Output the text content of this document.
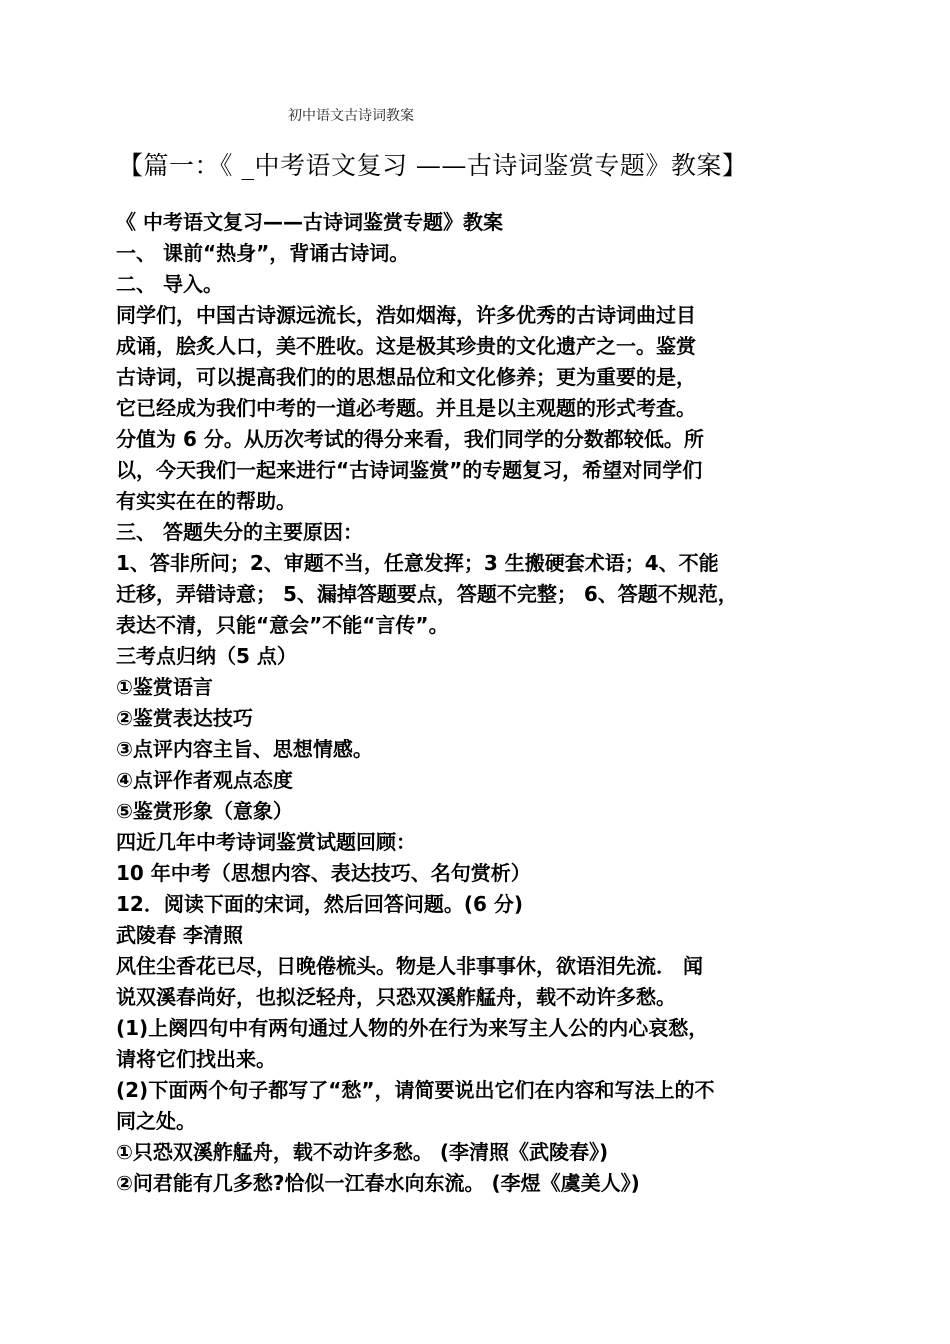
初中语文古诗词教案
【篇一：《 _中考语文复习 ——古诗词鉴赏专题》教案】
《 中考语文复习——古诗词鉴赏专题》教案
一、 课前“热身”，背诵古诗词。
二、 导入。
同学们，中国古诗源远流长，浩如烟海，许多优秀的古诗词曲过目
成诵，脍炙人口，美不胜收。这是极其珍贵的文化遗产之一。鉴赏
古诗词，可以提高我们的的思想品位和文化修养；更为重要的是，
它已经成为我们中考的一道必考题。并且是以主观题的形式考查。
分值为 6 分。从历次考试的得分来看，我们同学的分数都较低。所
以，今天我们一起来进行“古诗词鉴赏”的专题复习，希望对同学们
有实实在在的帮助。
三、 答题失分的主要原因：
1、答非所问；2、审题不当，任意发挥；3 生搬硬套术语；4、不能
迁移，弄错诗意； 5、漏掉答题要点，答题不完整； 6、答题不规范，
表达不清，只能“意会”不能“言传”。
三考点归纳（5 点）
①鉴赏语言
②鉴赏表达技巧
③点评内容主旨、思想情感。
④点评作者观点态度
⑤鉴赏形象（意象）
四近几年中考诗词鉴赏试题回顾：
10 年中考（思想内容、表达技巧、名句赏析）
12．阅读下面的宋词，然后回答问题。(6 分)
武陵春 李清照
风住尘香花已尽，日晚倦梳头。物是人非事事休，欲语泪先流． 闻
说双溪春尚好，也拟泛轻舟，只恐双溪舴艋舟，载不动许多愁。
(1)上阕四句中有两句通过人物的外在行为来写主人公的内心哀愁，
请将它们找出来。
(2)下面两个句子都写了“愁”，请简要说出它们在内容和写法上的不
同之处。
①只恐双溪舴艋舟，载不动许多愁。 (李清照《武陵春》)
②问君能有几多愁?恰似一江春水向东流。 (李煜《虞美人》)
